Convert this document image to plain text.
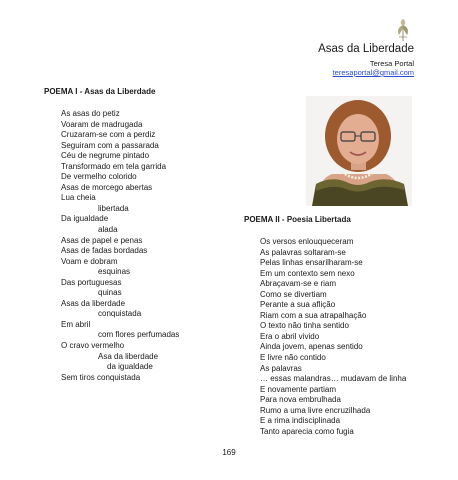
Asas da Liberdade
Teresa Portal
teresaportal@gmail.com
POEMA I - Asas da Liberdade
As asas do petiz
Voaram de madrugada
Cruzaram-se com a perdiz
Seguiram com a passarada
Céu de negrume pintado
Transformado em tela garrida
De vermelho colorido
Asas de morcego abertas
Lua cheia
libertada
Da igualdade
alada
Asas de papel e penas
Asas de fadas bordadas
Voam e dobram
esquinas
Das portuguesas
quinas
Asas da liberdade
conquistada
Em abril
com flores perfumadas
O cravo vermelho
Asa da liberdade
da igualdade
Sem tiros conquistada
POEMA II - Poesia Libertada
Os versos enlouqueceram
As palavras soltaram-se
Pelas linhas ensarilharam-se
Em um contexto sem nexo
Abraçavam-se e riam
Como se divertiam
Perante a sua aflição
Riam com a sua atrapalhação
O texto não tinha sentido
Era o abril vivido
Ainda jovem, apenas sentido
E livre não contido
As palavras
… essas malandras… mudavam de linha
E novamente partiam
Para nova embrulhada
Rumo a uma livre encruzilhada
E a rima indisciplinada
Tanto aparecia como fugia
169
